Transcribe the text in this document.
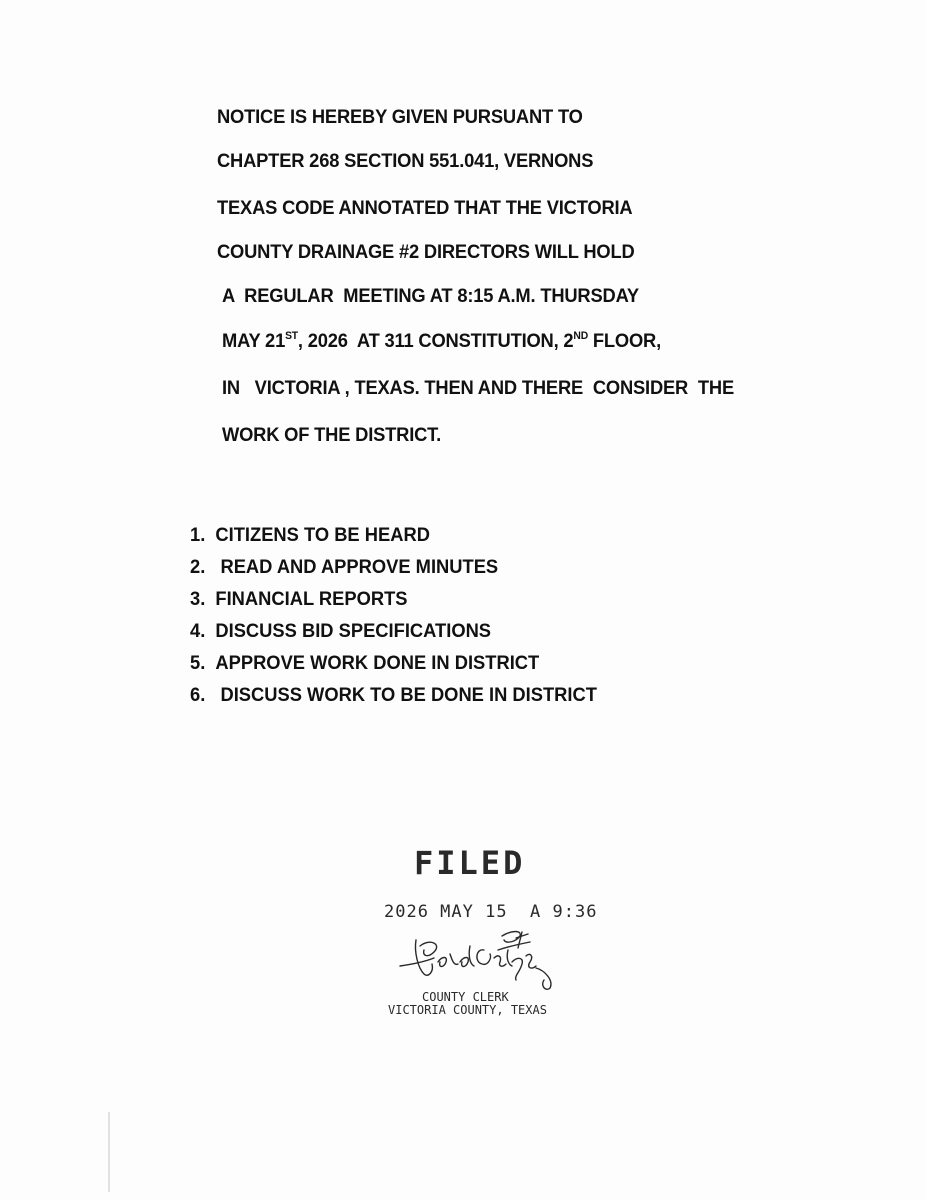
NOTICE IS HEREBY GIVEN PURSUANT TO
CHAPTER 268 SECTION 551.041, VERNONS
TEXAS CODE ANNOTATED THAT THE VICTORIA
COUNTY DRAINAGE #2 DIRECTORS WILL HOLD
A  REGULAR  MEETING AT 8:15 A.M. THURSDAY
MAY 21ST, 2026  AT 311 CONSTITUTION, 2ND FLOOR,
IN   VICTORIA , TEXAS. THEN AND THERE  CONSIDER  THE
WORK OF THE DISTRICT.
1. CITIZENS TO BE HEARD
2. READ AND APPROVE MINUTES
3. FINANCIAL REPORTS
4. DISCUSS BID SPECIFICATIONS
5. APPROVE WORK DONE IN DISTRICT
6. DISCUSS WORK TO BE DONE IN DISTRICT
FILED
2026 MAY 15  A 9:36
COUNTY CLERK
VICTORIA COUNTY, TEXAS
